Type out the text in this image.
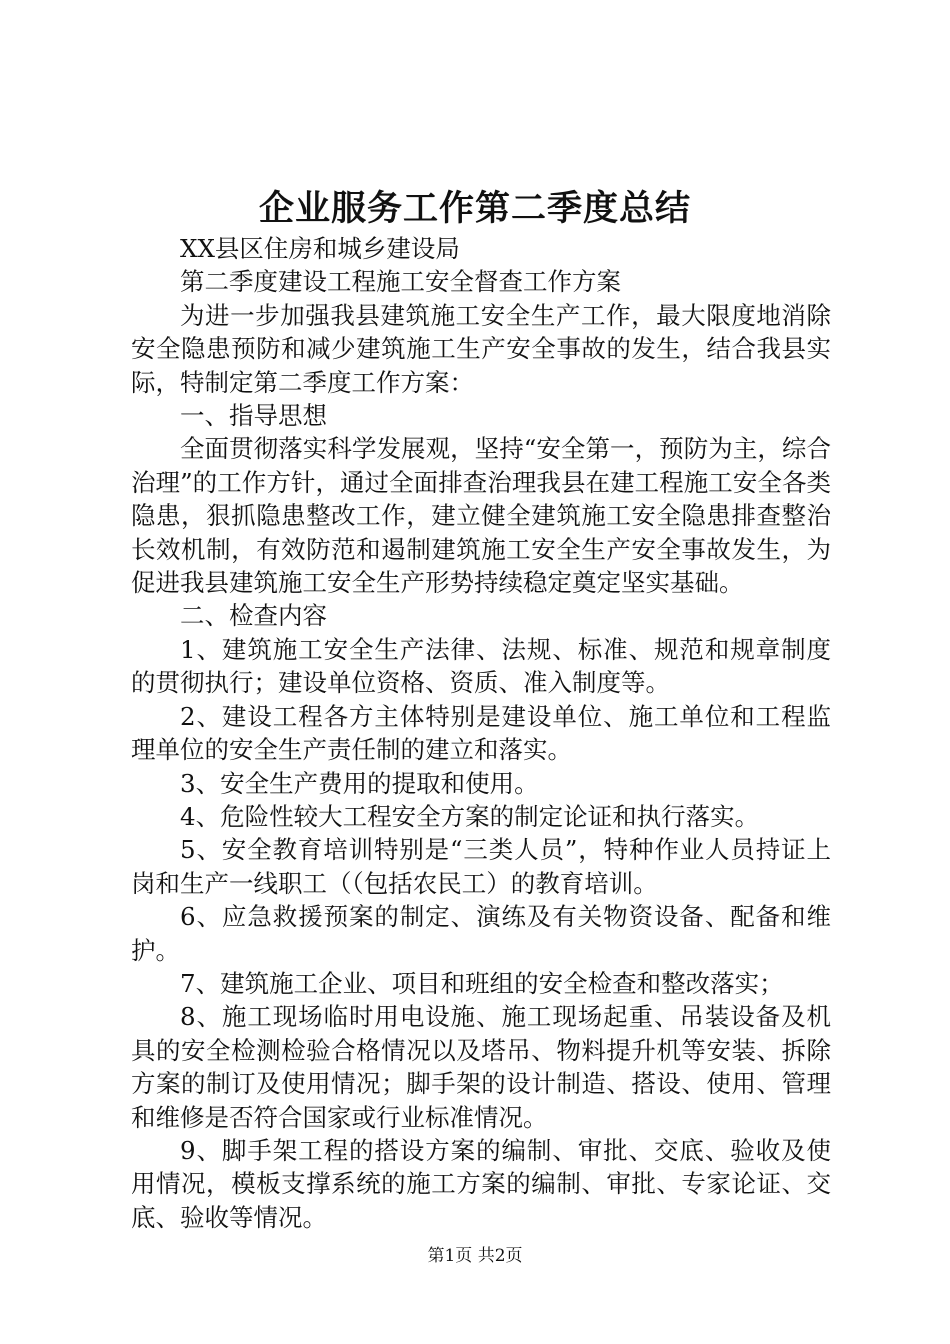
企业服务工作第二季度总结

XX县区住房和城乡建设局

第二季度建设工程施工安全督查工作方案

为进一步加强我县建筑施工安全生产工作，最大限度地消除安全隐患预防和减少建筑施工生产安全事故的发生，结合我县实际，特制定第二季度工作方案：

一、指导思想

全面贯彻落实科学发展观，坚持“安全第一，预防为主，综合治理”的工作方针，通过全面排查治理我县在建工程施工安全各类隐患，狠抓隐患整改工作，建立健全建筑施工安全隐患排查整治长效机制，有效防范和遏制建筑施工安全生产安全事故发生，为促进我县建筑施工安全生产形势持续稳定奠定坚实基础。

二、检查内容

1、建筑施工安全生产法律、法规、标准、规范和规章制度的贯彻执行；建设单位资格、资质、准入制度等。

2、建设工程各方主体特别是建设单位、施工单位和工程监理单位的安全生产责任制的建立和落实。

3、安全生产费用的提取和使用。

4、危险性较大工程安全方案的制定论证和执行落实。

5、安全教育培训特别是“三类人员”，特种作业人员持证上岗和生产一线职工（（包括农民工）的教育培训。

6、应急救援预案的制定、演练及有关物资设备、配备和维护。

7、建筑施工企业、项目和班组的安全检查和整改落实；

8、施工现场临时用电设施、施工现场起重、吊装设备及机具的安全检测检验合格情况以及塔吊、物料提升机等安装、拆除方案的制订及使用情况；脚手架的设计制造、搭设、使用、管理和维修是否符合国家或行业标准情况。

9、脚手架工程的搭设方案的编制、审批、交底、验收及使用情况，模板支撑系统的施工方案的编制、审批、专家论证、交底、验收等情况。

第1页 共2页
